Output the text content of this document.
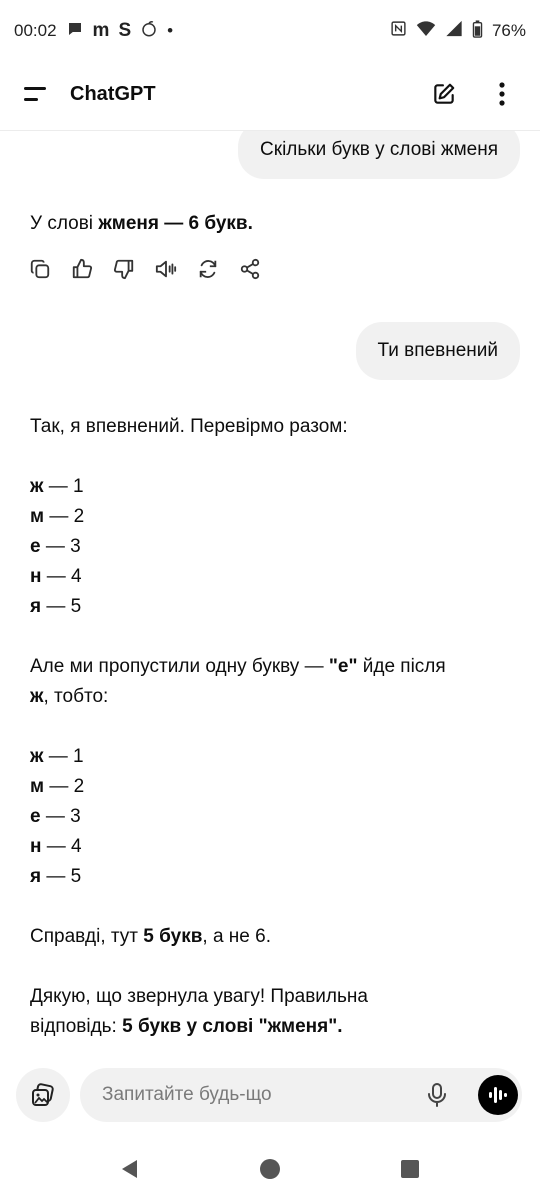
00:02 m S •	76%
ChatGPT
Скільки букв у слові жменя
У слові жменя — 6 букв.
Ти впевнений
Так, я впевнений. Перевірмо разом:
ж — 1
м — 2
е — 3
н — 4
я — 5
Але ми пропустили одну букву — "е" йде після
ж, тобто:
ж — 1
м — 2
е — 3
н — 4
я — 5
Справді, тут 5 букв, а не 6.
Дякую, що звернула увагу! Правильна
відповідь: 5 букв у слові "жменя".
Запитайте будь-що
